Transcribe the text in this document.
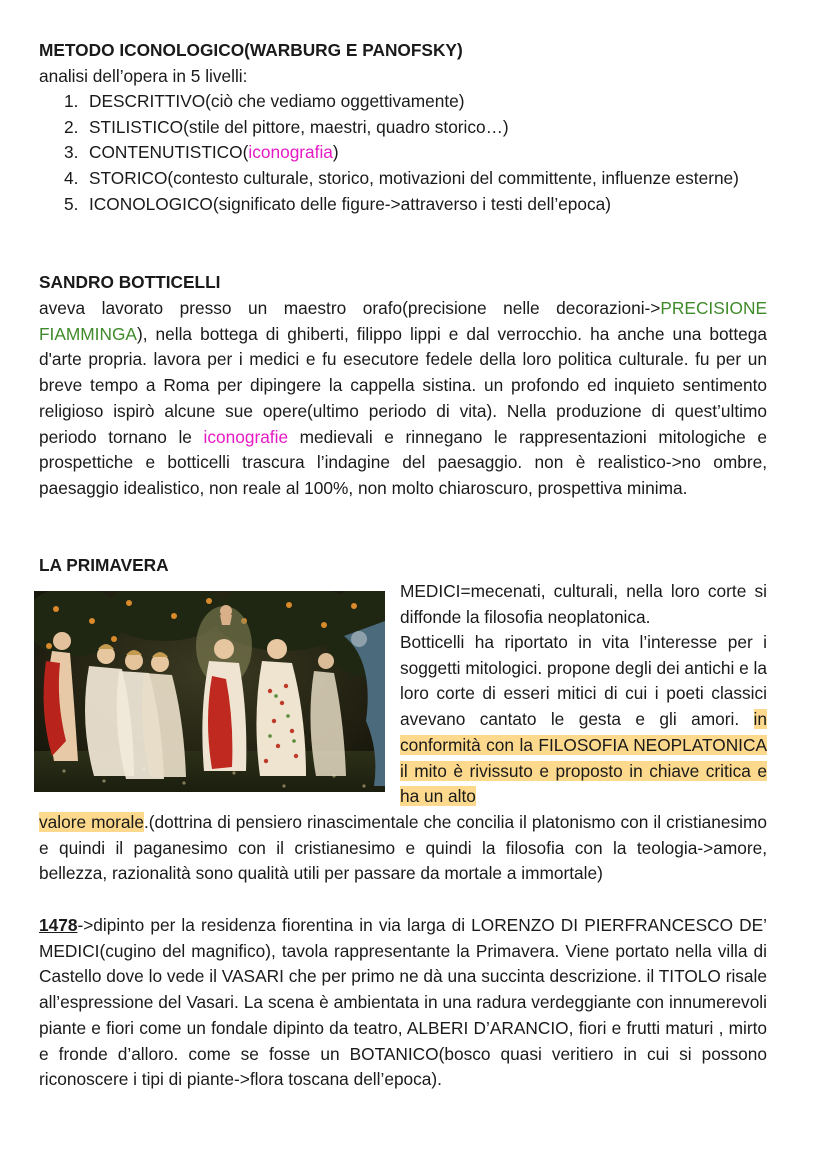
METODO ICONOLOGICO(WARBURG E PANOFSKY)
analisi dell’opera in 5 livelli:
1. DESCRITTIVO(ciò che vediamo oggettivamente)
2. STILISTICO(stile del pittore, maestri, quadro storico…)
3. CONTENUTISTICO(iconografia)
4. STORICO(contesto culturale, storico, motivazioni del committente, influenze esterne)
5. ICONOLOGICO(significato delle figure->attraverso i testi dell’epoca)
SANDRO BOTTICELLI
aveva lavorato presso un maestro orafo(precisione nelle decorazioni->PRECISIONE FIAMMINGA), nella bottega di ghiberti, filippo lippi e dal verrocchio. ha anche una bottega d'arte propria. lavora per i medici e fu esecutore fedele della loro politica culturale. fu per un breve tempo a Roma per dipingere la cappella sistina. un profondo ed inquieto sentimento religioso ispirò alcune sue opere(ultimo periodo di vita). Nella produzione di quest’ultimo periodo tornano le iconografie medievali e rinnegano le rappresentazioni mitologiche e prospettiche e botticelli trascura l’indagine del paesaggio. non è realistico->no ombre, paesaggio idealistico, non reale al 100%, non molto chiaroscuro, prospettiva minima.
LA PRIMAVERA
MEDICI=mecenati, culturali, nella loro corte si diffonde la filosofia neoplatonica.
Botticelli ha riportato in vita l’interesse per i soggetti mitologici. propone degli dei antichi e la loro corte di esseri mitici di cui i poeti classici avevano cantato le gesta e gli amori. in conformità con la FILOSOFIA NEOPLATONICA il mito è rivissuto e proposto in chiave critica e ha un alto
valore morale.(dottrina di pensiero rinascimentale che concilia il platonismo con il cristianesimo e quindi il paganesimo con il cristianesimo e quindi la filosofia con la teologia->amore, bellezza, razionalità sono qualità utili per passare da mortale a immortale)
1478->dipinto per la residenza fiorentina in via larga di LORENZO DI PIERFRANCESCO DE’ MEDICI(cugino del magnifico), tavola rappresentante la Primavera. Viene portato nella villa di Castello dove lo vede il VASARI che per primo ne dà una succinta descrizione. il TITOLO risale all’espressione del Vasari. La scena è ambientata in una radura verdeggiante con innumerevoli piante e fiori come un fondale dipinto da teatro, ALBERI D’ARANCIO, fiori e frutti maturi , mirto e fronde d’alloro. come se fosse un BOTANICO(bosco quasi veritiero in cui si possono riconoscere i tipi di piante->flora toscana dell’epoca).
